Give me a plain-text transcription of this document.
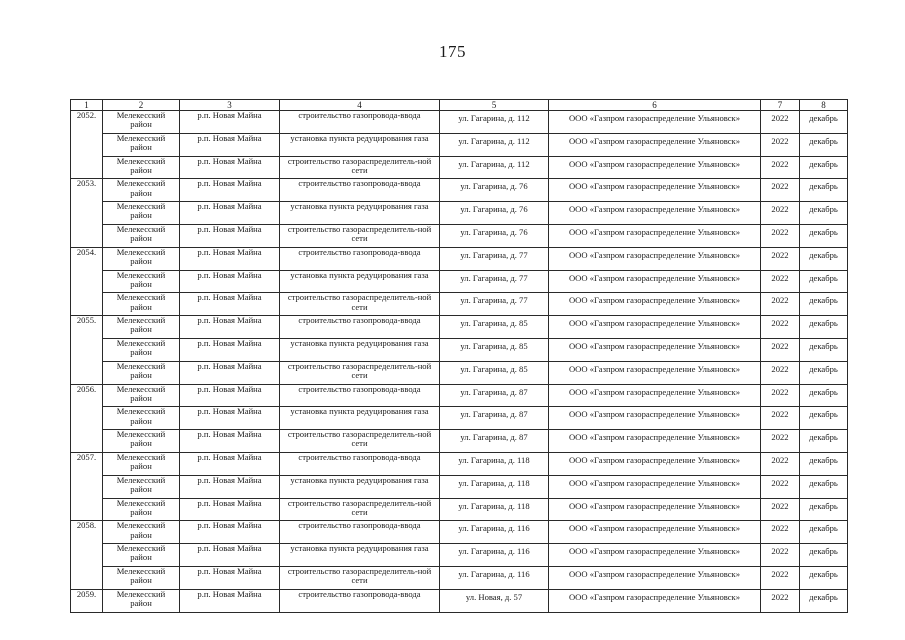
175
1	2	3	4	5	6	7	8
2052.	Мелекесский район	р.п. Новая Майна	строительство газопровода-ввода	ул. Гагарина, д. 112	ООО «Газпром газораспределение Ульяновск»	2022	декабрь
	Мелекесский район	р.п. Новая Майна	установка пункта редуцирования газа	ул. Гагарина, д. 112	ООО «Газпром газораспределение Ульяновск»	2022	декабрь
	Мелекесский район	р.п. Новая Майна	строительство газораспределитель-ной сети	ул. Гагарина, д. 112	ООО «Газпром газораспределение Ульяновск»	2022	декабрь
2053.	Мелекесский район	р.п. Новая Майна	строительство газопровода-ввода	ул. Гагарина, д. 76	ООО «Газпром газораспределение Ульяновск»	2022	декабрь
	Мелекесский район	р.п. Новая Майна	установка пункта редуцирования газа	ул. Гагарина, д. 76	ООО «Газпром газораспределение Ульяновск»	2022	декабрь
	Мелекесский район	р.п. Новая Майна	строительство газораспределитель-ной сети	ул. Гагарина, д. 76	ООО «Газпром газораспределение Ульяновск»	2022	декабрь
2054.	Мелекесский район	р.п. Новая Майна	строительство газопровода-ввода	ул. Гагарина, д. 77	ООО «Газпром газораспределение Ульяновск»	2022	декабрь
	Мелекесский район	р.п. Новая Майна	установка пункта редуцирования газа	ул. Гагарина, д. 77	ООО «Газпром газораспределение Ульяновск»	2022	декабрь
	Мелекесский район	р.п. Новая Майна	строительство газораспределитель-ной сети	ул. Гагарина, д. 77	ООО «Газпром газораспределение Ульяновск»	2022	декабрь
2055.	Мелекесский район	р.п. Новая Майна	строительство газопровода-ввода	ул. Гагарина, д. 85	ООО «Газпром газораспределение Ульяновск»	2022	декабрь
	Мелекесский район	р.п. Новая Майна	установка пункта редуцирования газа	ул. Гагарина, д. 85	ООО «Газпром газораспределение Ульяновск»	2022	декабрь
	Мелекесский район	р.п. Новая Майна	строительство газораспределитель-ной сети	ул. Гагарина, д. 85	ООО «Газпром газораспределение Ульяновск»	2022	декабрь
2056.	Мелекесский район	р.п. Новая Майна	строительство газопровода-ввода	ул. Гагарина, д. 87	ООО «Газпром газораспределение Ульяновск»	2022	декабрь
	Мелекесский район	р.п. Новая Майна	установка пункта редуцирования газа	ул. Гагарина, д. 87	ООО «Газпром газораспределение Ульяновск»	2022	декабрь
	Мелекесский район	р.п. Новая Майна	строительство газораспределитель-ной сети	ул. Гагарина, д. 87	ООО «Газпром газораспределение Ульяновск»	2022	декабрь
2057.	Мелекесский район	р.п. Новая Майна	строительство газопровода-ввода	ул. Гагарина, д. 118	ООО «Газпром газораспределение Ульяновск»	2022	декабрь
	Мелекесский район	р.п. Новая Майна	установка пункта редуцирования газа	ул. Гагарина, д. 118	ООО «Газпром газораспределение Ульяновск»	2022	декабрь
	Мелекесский район	р.п. Новая Майна	строительство газораспределитель-ной сети	ул. Гагарина, д. 118	ООО «Газпром газораспределение Ульяновск»	2022	декабрь
2058.	Мелекесский район	р.п. Новая Майна	строительство газопровода-ввода	ул. Гагарина, д. 116	ООО «Газпром газораспределение Ульяновск»	2022	декабрь
	Мелекесский район	р.п. Новая Майна	установка пункта редуцирования газа	ул. Гагарина, д. 116	ООО «Газпром газораспределение Ульяновск»	2022	декабрь
	Мелекесский район	р.п. Новая Майна	строительство газораспределитель-ной сети	ул. Гагарина, д. 116	ООО «Газпром газораспределение Ульяновск»	2022	декабрь
2059.	Мелекесский район	р.п. Новая Майна	строительство газопровода-ввода	ул. Новая, д. 57	ООО «Газпром газораспределение Ульяновск»	2022	декабрь
